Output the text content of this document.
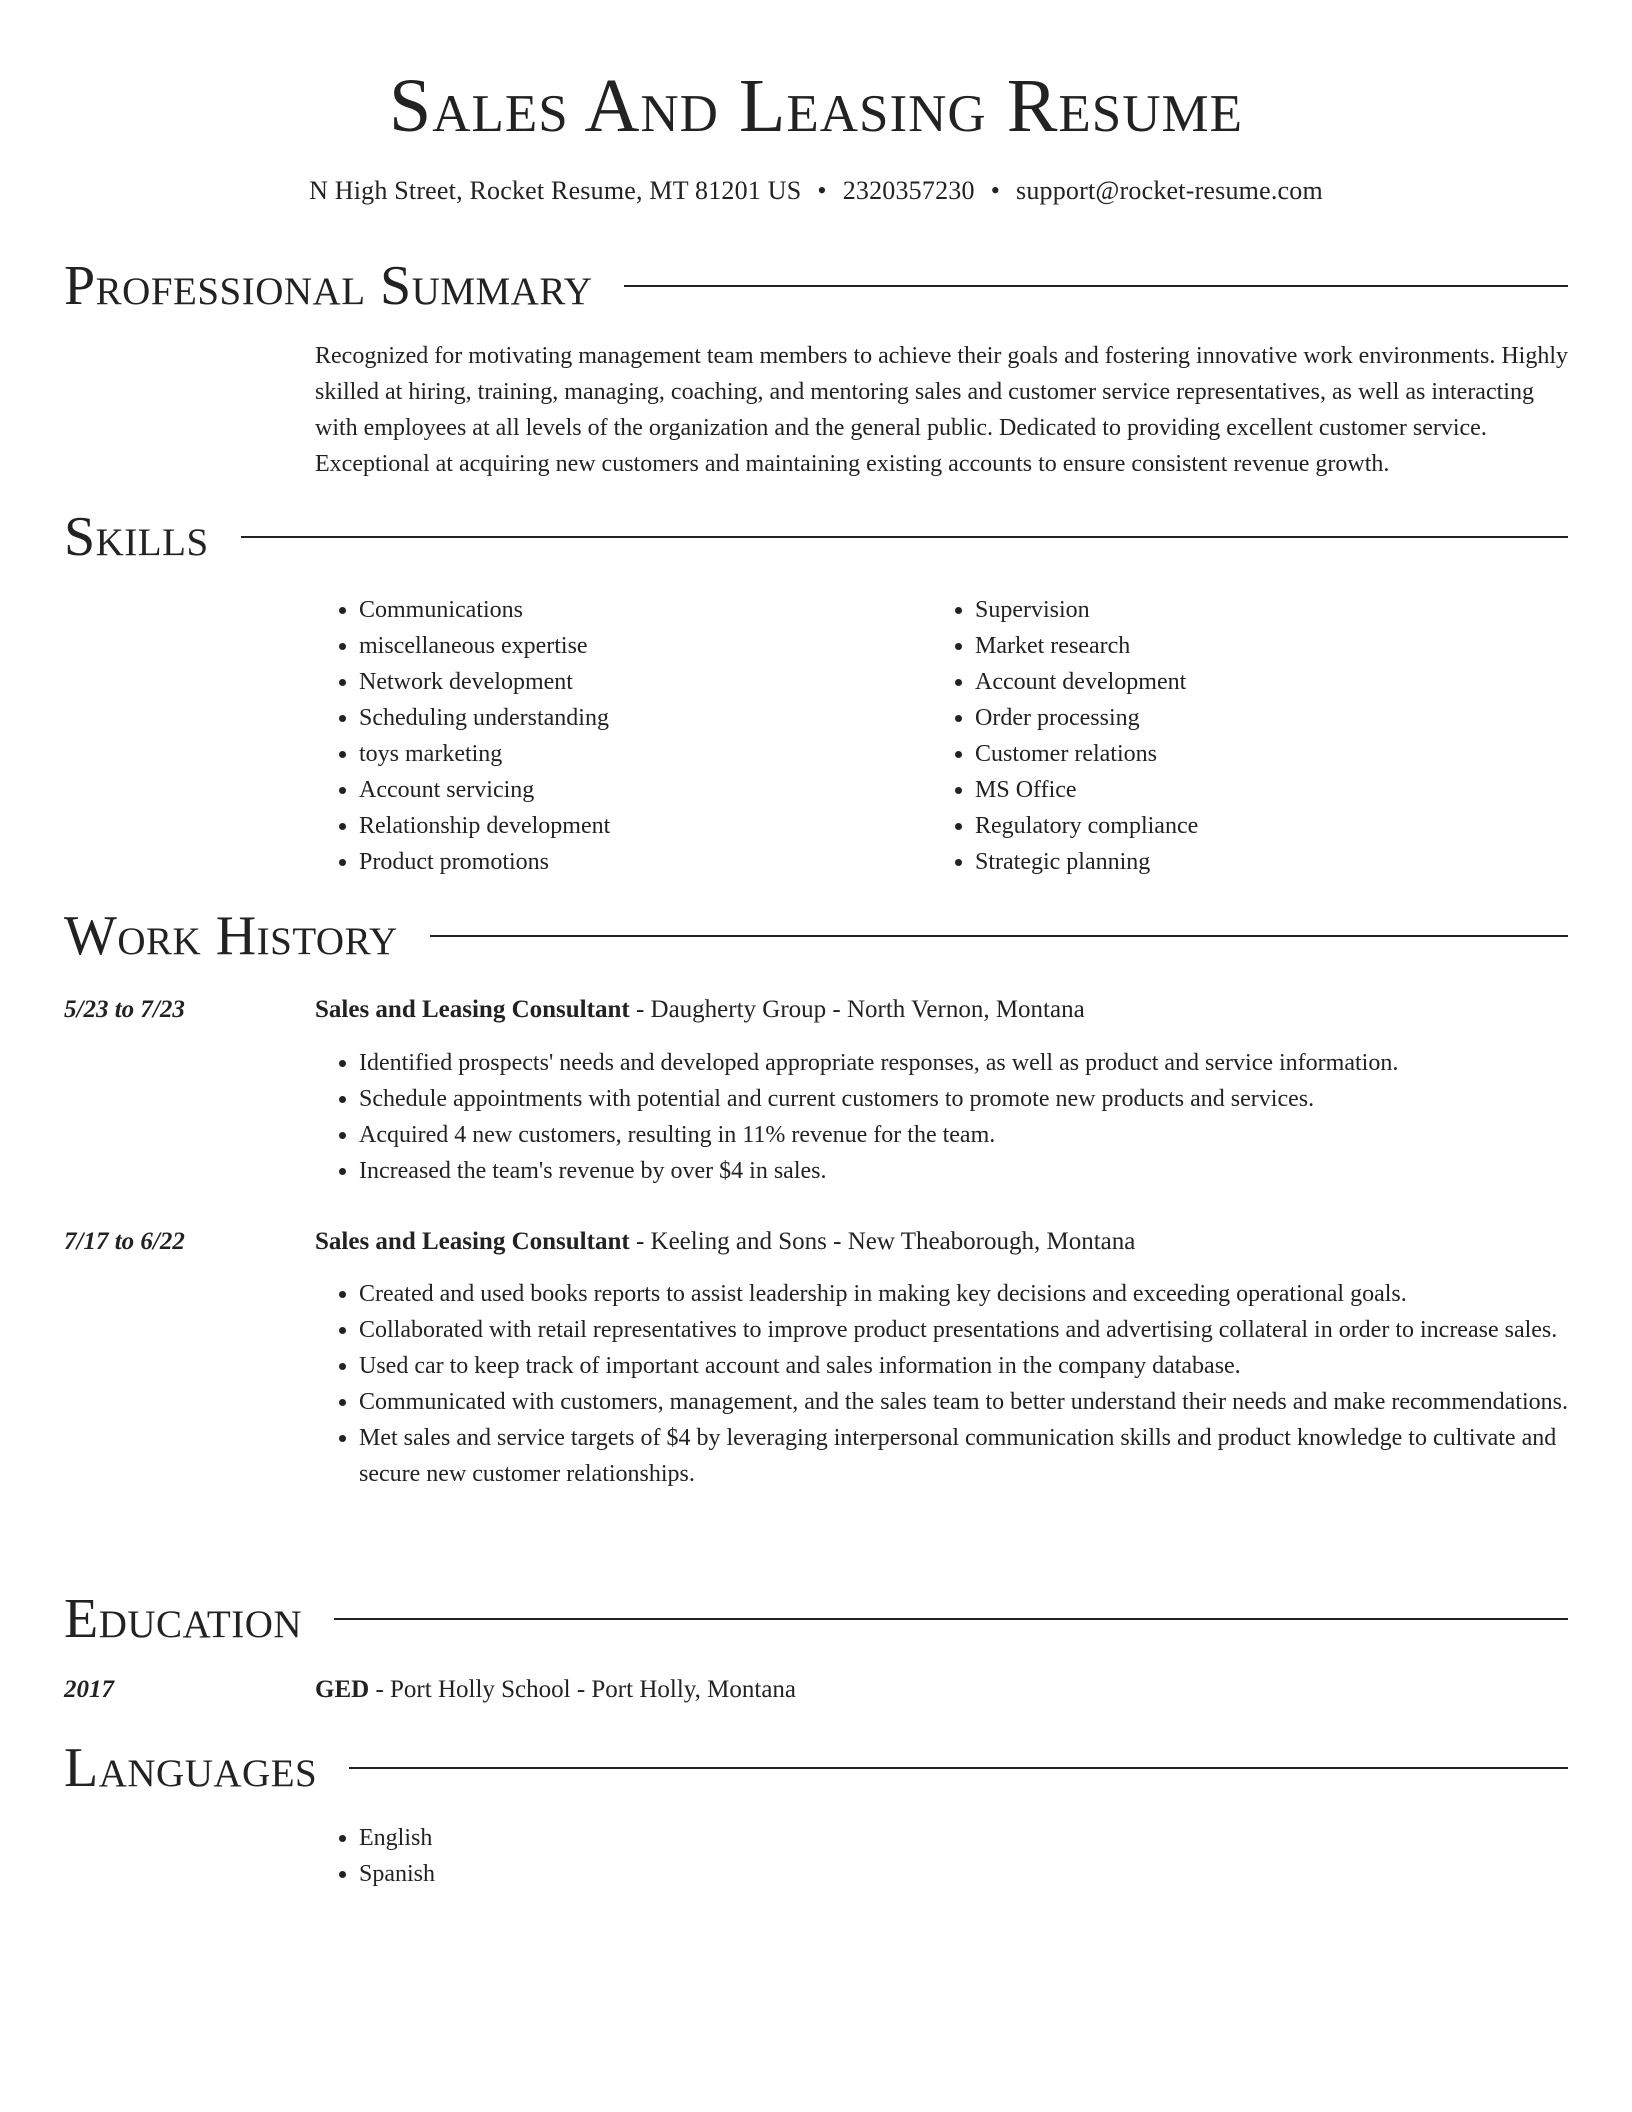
Sales And Leasing Resume
N High Street, Rocket Resume, MT 81201 US • 2320357230 • support@rocket-resume.com
Professional Summary
Recognized for motivating management team members to achieve their goals and fostering innovative work environments. Highly skilled at hiring, training, managing, coaching, and mentoring sales and customer service representatives, as well as interacting with employees at all levels of the organization and the general public. Dedicated to providing excellent customer service. Exceptional at acquiring new customers and maintaining existing accounts to ensure consistent revenue growth.
Skills
• Communications
• miscellaneous expertise
• Network development
• Scheduling understanding
• toys marketing
• Account servicing
• Relationship development
• Product promotions
• Supervision
• Market research
• Account development
• Order processing
• Customer relations
• MS Office
• Regulatory compliance
• Strategic planning
Work History
5/23 to 7/23	Sales and Leasing Consultant - Daugherty Group - North Vernon, Montana
• Identified prospects' needs and developed appropriate responses, as well as product and service information.
• Schedule appointments with potential and current customers to promote new products and services.
• Acquired 4 new customers, resulting in 11% revenue for the team.
• Increased the team's revenue by over $4 in sales.
7/17 to 6/22	Sales and Leasing Consultant - Keeling and Sons - New Theaborough, Montana
• Created and used books reports to assist leadership in making key decisions and exceeding operational goals.
• Collaborated with retail representatives to improve product presentations and advertising collateral in order to increase sales.
• Used car to keep track of important account and sales information in the company database.
• Communicated with customers, management, and the sales team to better understand their needs and make recommendations.
• Met sales and service targets of $4 by leveraging interpersonal communication skills and product knowledge to cultivate and secure new customer relationships.
Education
2017	GED - Port Holly School - Port Holly, Montana
Languages
• English
• Spanish
